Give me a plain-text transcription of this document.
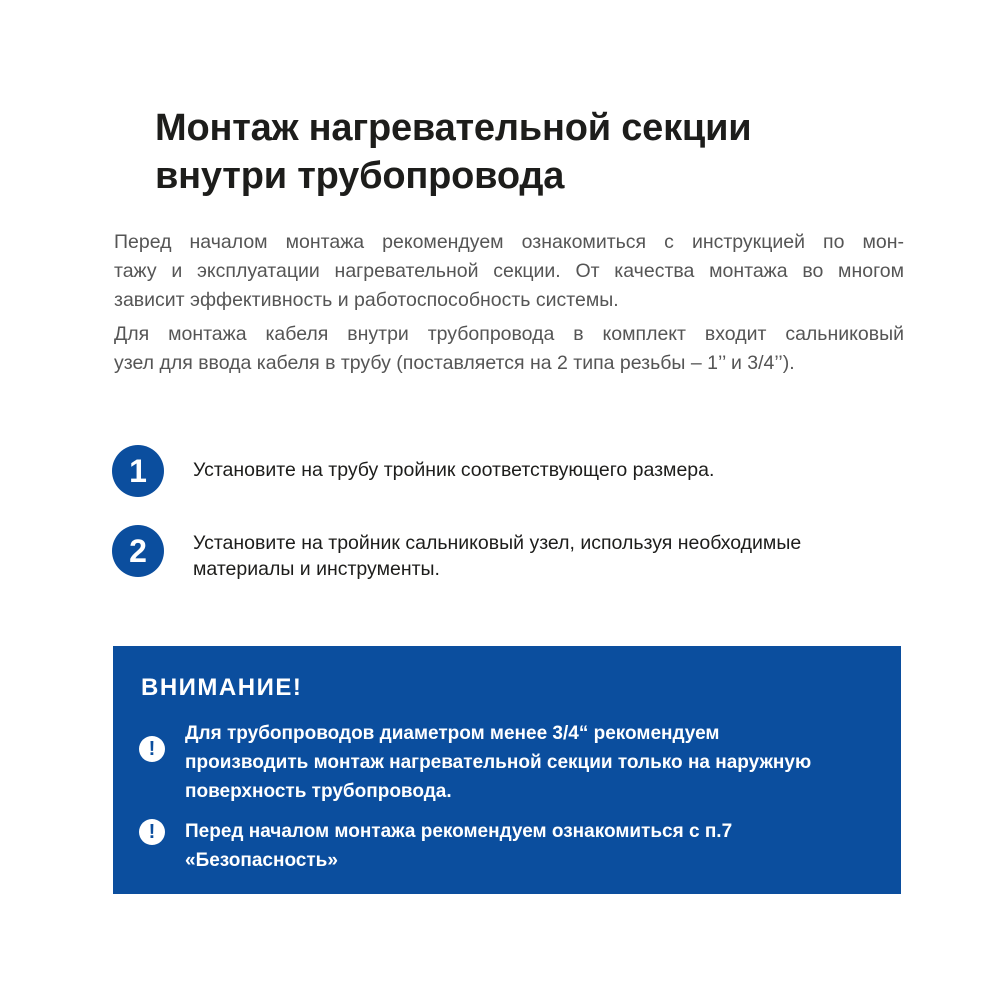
Монтаж нагревательной секции
внутри трубопровода

Перед началом монтажа рекомендуем ознакомиться с инструкцией по мон-
тажу и эксплуатации нагревательной секции. От качества монтажа во многом
зависит эффективность и работоспособность системы.

Для монтажа кабеля внутри трубопровода в комплект входит сальниковый
узел для ввода кабеля в трубу (поставляется на 2 типа резьбы – 1’’ и 3/4’’).

1	Установите на трубу тройник соответствующего размера.
2	Установите на тройник сальниковый узел, используя необходимые
материалы и инструменты.
ВНИМАНИЕ!
!
Для трубопроводов диаметром менее 3/4“ рекомендуем
производить монтаж нагревательной секции только на наружную
поверхность трубопровода.
!	Перед началом монтажа рекомендуем ознакомиться с п.7
«Безопасность»
